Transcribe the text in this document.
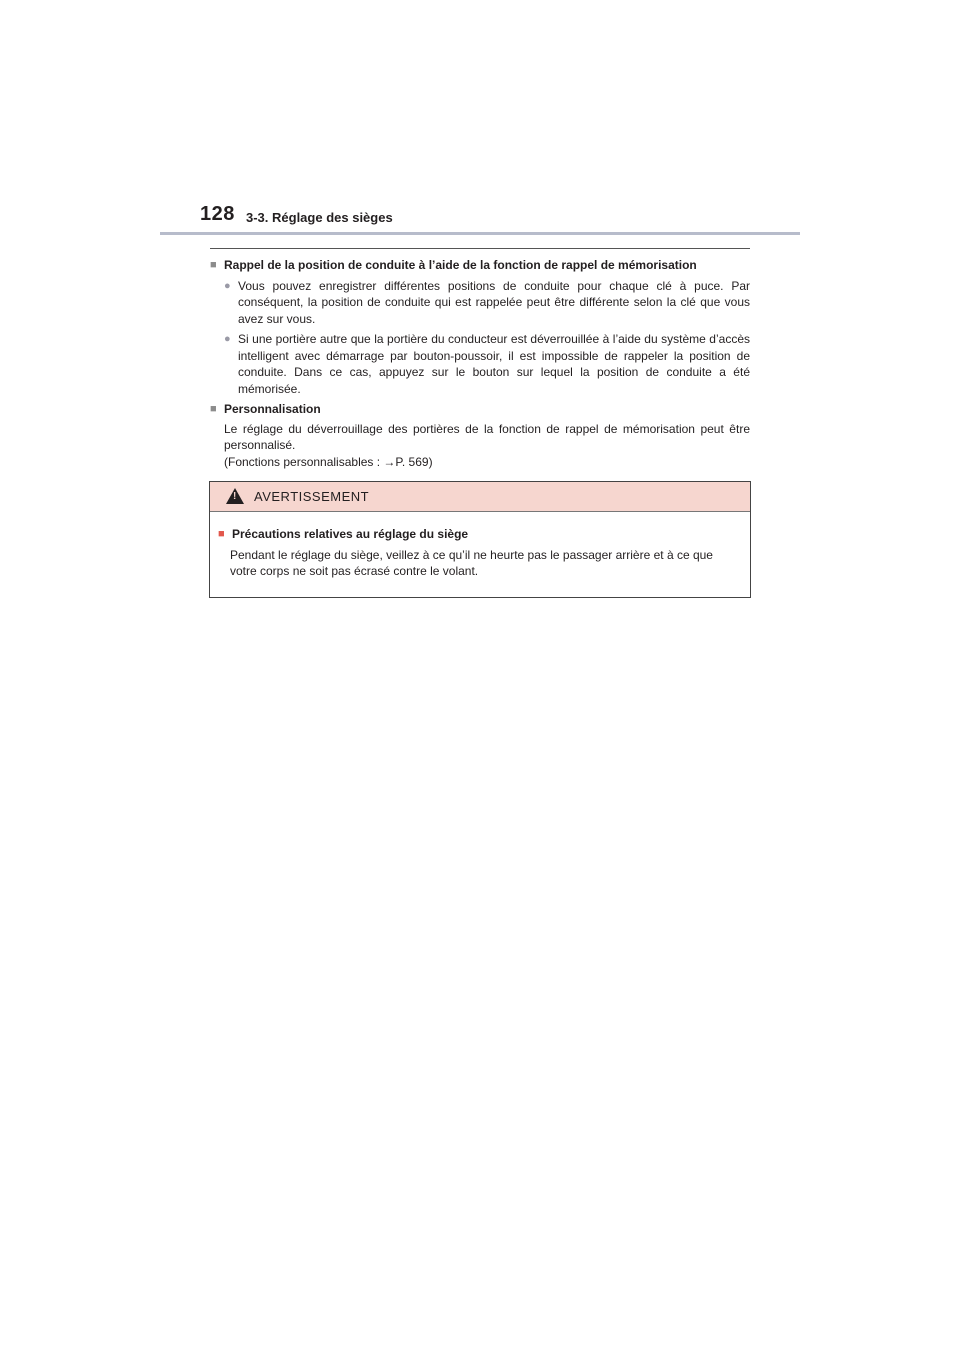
128 3-3. Réglage des sièges
■ Rappel de la position de conduite à l’aide de la fonction de rappel de mémorisation
● Vous pouvez enregistrer différentes positions de conduite pour chaque clé à puce. Par conséquent, la position de conduite qui est rappelée peut être différente selon la clé que vous avez sur vous.
● Si une portière autre que la portière du conducteur est déverrouillée à l’aide du système d’accès intelligent avec démarrage par bouton-poussoir, il est impossible de rappeler la position de conduite. Dans ce cas, appuyez sur le bouton sur lequel la position de conduite a été mémorisée.
■ Personnalisation
Le réglage du déverrouillage des portières de la fonction de rappel de mémorisation peut être personnalisé.
(Fonctions personnalisables : →P. 569)
! AVERTISSEMENT
■ Précautions relatives au réglage du siège
Pendant le réglage du siège, veillez à ce qu’il ne heurte pas le passager arrière et à ce que votre corps ne soit pas écrasé contre le volant.
